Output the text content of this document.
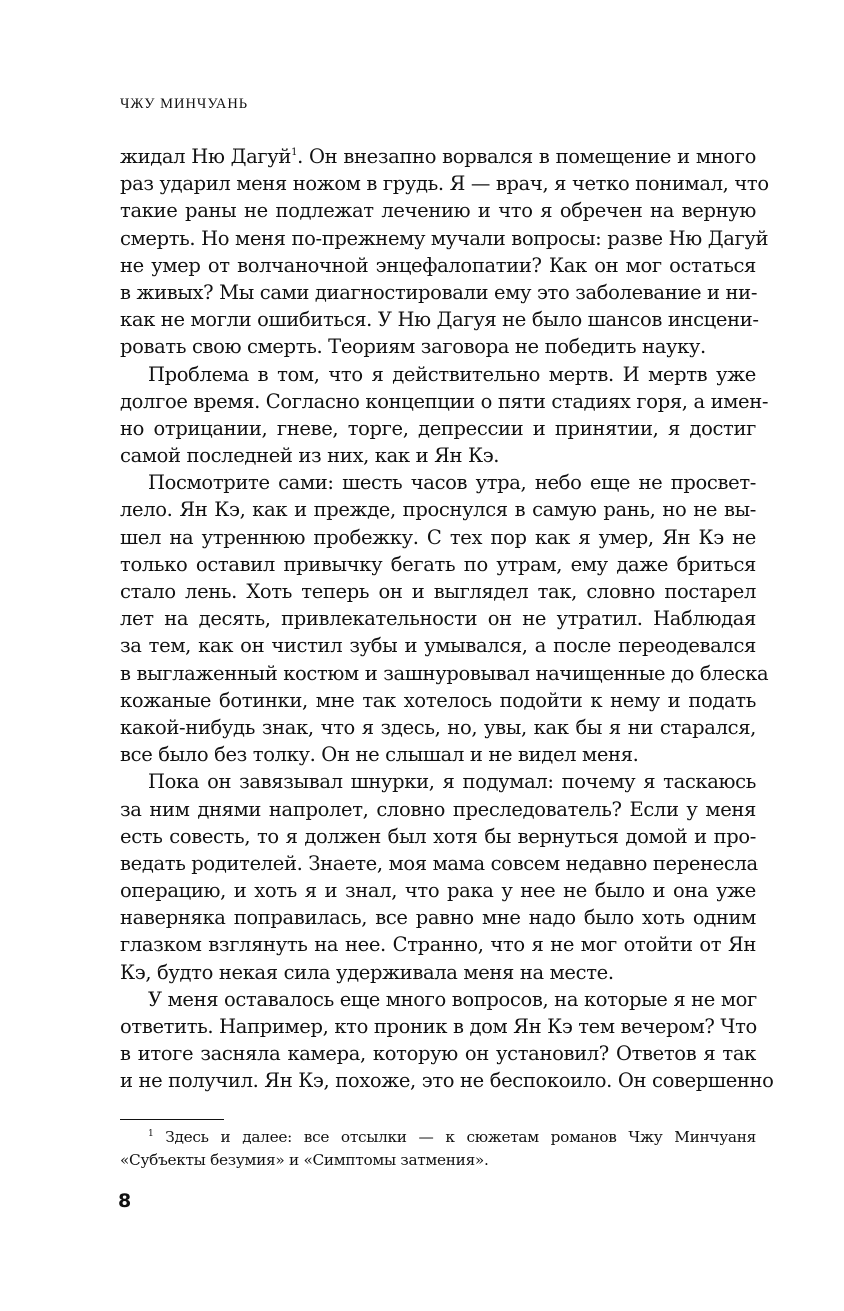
ЧЖУ МИНЧУАНЬ
жидал Ню Дагуй$^1$. Он внезапно ворвался в помещение и много
раз ударил меня ножом в грудь. Я — врач, я четко понимал, что
такие раны не подлежат лечению и что я обречен на верную
смерть. Но меня по-прежнему мучали вопросы: разве Ню Дагуй
не умер от волчаночной энцефалопатии? Как он мог остаться
в живых? Мы сами диагностировали ему это заболевание и ни-
как не могли ошибиться. У Ню Дагуя не было шансов инсцени-
ровать свою смерть. Теориям заговора не победить науку.
Проблема в том, что я действительно мертв. И мертв уже
долгое время. Согласно концепции о пяти стадиях горя, а имен-
но отрицании, гневе, торге, депрессии и принятии, я достиг
самой последней из них, как и Ян Кэ.
Посмотрите сами: шесть часов утра, небо еще не просвет-
лело. Ян Кэ, как и прежде, проснулся в самую рань, но не вы-
шел на утреннюю пробежку. С тех пор как я умер, Ян Кэ не
только оставил привычку бегать по утрам, ему даже бриться
стало лень. Хоть теперь он и выглядел так, словно постарел
лет на десять, привлекательности он не утратил. Наблюдая
за тем, как он чистил зубы и умывался, а после переодевался
в выглаженный костюм и зашнуровывал начищенные до блеска
кожаные ботинки, мне так хотелось подойти к нему и подать
какой-нибудь знак, что я здесь, но, увы, как бы я ни старался,
все было без толку. Он не слышал и не видел меня.
Пока он завязывал шнурки, я подумал: почему я таскаюсь
за ним днями напролет, словно преследователь? Если у меня
есть совесть, то я должен был хотя бы вернуться домой и про-
ведать родителей. Знаете, моя мама совсем недавно перенесла
операцию, и хоть я и знал, что рака у нее не было и она уже
наверняка поправилась, все равно мне надо было хоть одним
глазком взглянуть на нее. Странно, что я не мог отойти от Ян
Кэ, будто некая сила удерживала меня на месте.
У меня оставалось еще много вопросов, на которые я не мог
ответить. Например, кто проник в дом Ян Кэ тем вечером? Что
в итоге засняла камера, которую он установил? Ответов я так
и не получил. Ян Кэ, похоже, это не беспокоило. Он совершенно
$^1$ Здесь и далее: все отсылки — к сюжетам романов Чжу Минчуаня
«Субъекты безумия» и «Симптомы затмения».
8
